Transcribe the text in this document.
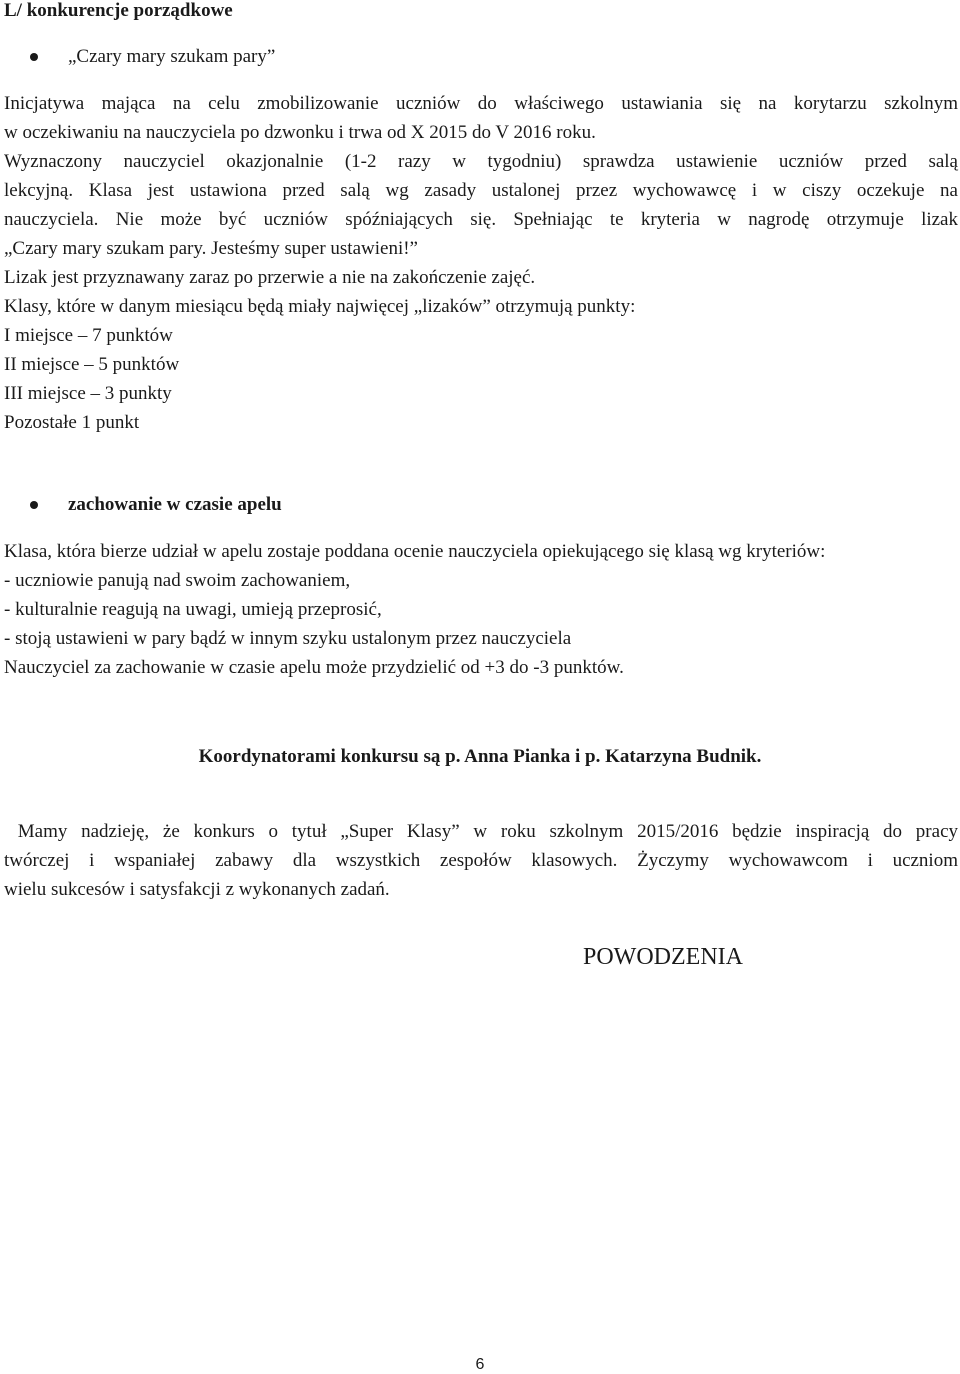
L/ konkurencje porządkowe
„Czary mary szukam pary”
Inicjatywa mająca na celu zmobilizowanie uczniów do właściwego ustawiania się na korytarzu szkolnym
w oczekiwaniu na nauczyciela po dzwonku i trwa od X 2015 do V 2016 roku.
Wyznaczony nauczyciel okazjonalnie (1-2 razy w tygodniu) sprawdza ustawienie uczniów przed salą
lekcyjną. Klasa jest ustawiona przed salą wg zasady ustalonej przez wychowawcę i w ciszy oczekuje na
nauczyciela. Nie może być uczniów spóźniających się. Spełniając te kryteria w nagrodę otrzymuje lizak
„Czary mary szukam pary. Jesteśmy super ustawieni!”
Lizak jest przyznawany zaraz po przerwie a nie na zakończenie zajęć.
Klasy, które w danym miesiącu będą miały najwięcej „lizaków” otrzymują punkty:
I miejsce – 7 punktów
II miejsce – 5 punktów
III miejsce – 3 punkty
Pozostałe 1 punkt
zachowanie w czasie apelu
Klasa, która bierze udział w apelu zostaje poddana ocenie nauczyciela opiekującego się klasą wg kryteriów:
- uczniowie panują nad swoim zachowaniem,
- kulturalnie reagują na uwagi, umieją przeprosić,
- stoją ustawieni w pary bądź w innym szyku ustalonym przez nauczyciela
Nauczyciel za zachowanie w czasie apelu może przydzielić od +3 do -3 punktów.
Koordynatorami konkursu są p. Anna Pianka i p. Katarzyna Budnik.
Mamy nadzieję, że konkurs o tytuł „Super Klasy” w roku szkolnym 2015/2016 będzie inspiracją do pracy
twórczej i wspaniałej zabawy dla wszystkich zespołów klasowych. Życzymy wychowawcom i uczniom
wielu sukcesów i satysfakcji z wykonanych zadań.
POWODZENIA
6
